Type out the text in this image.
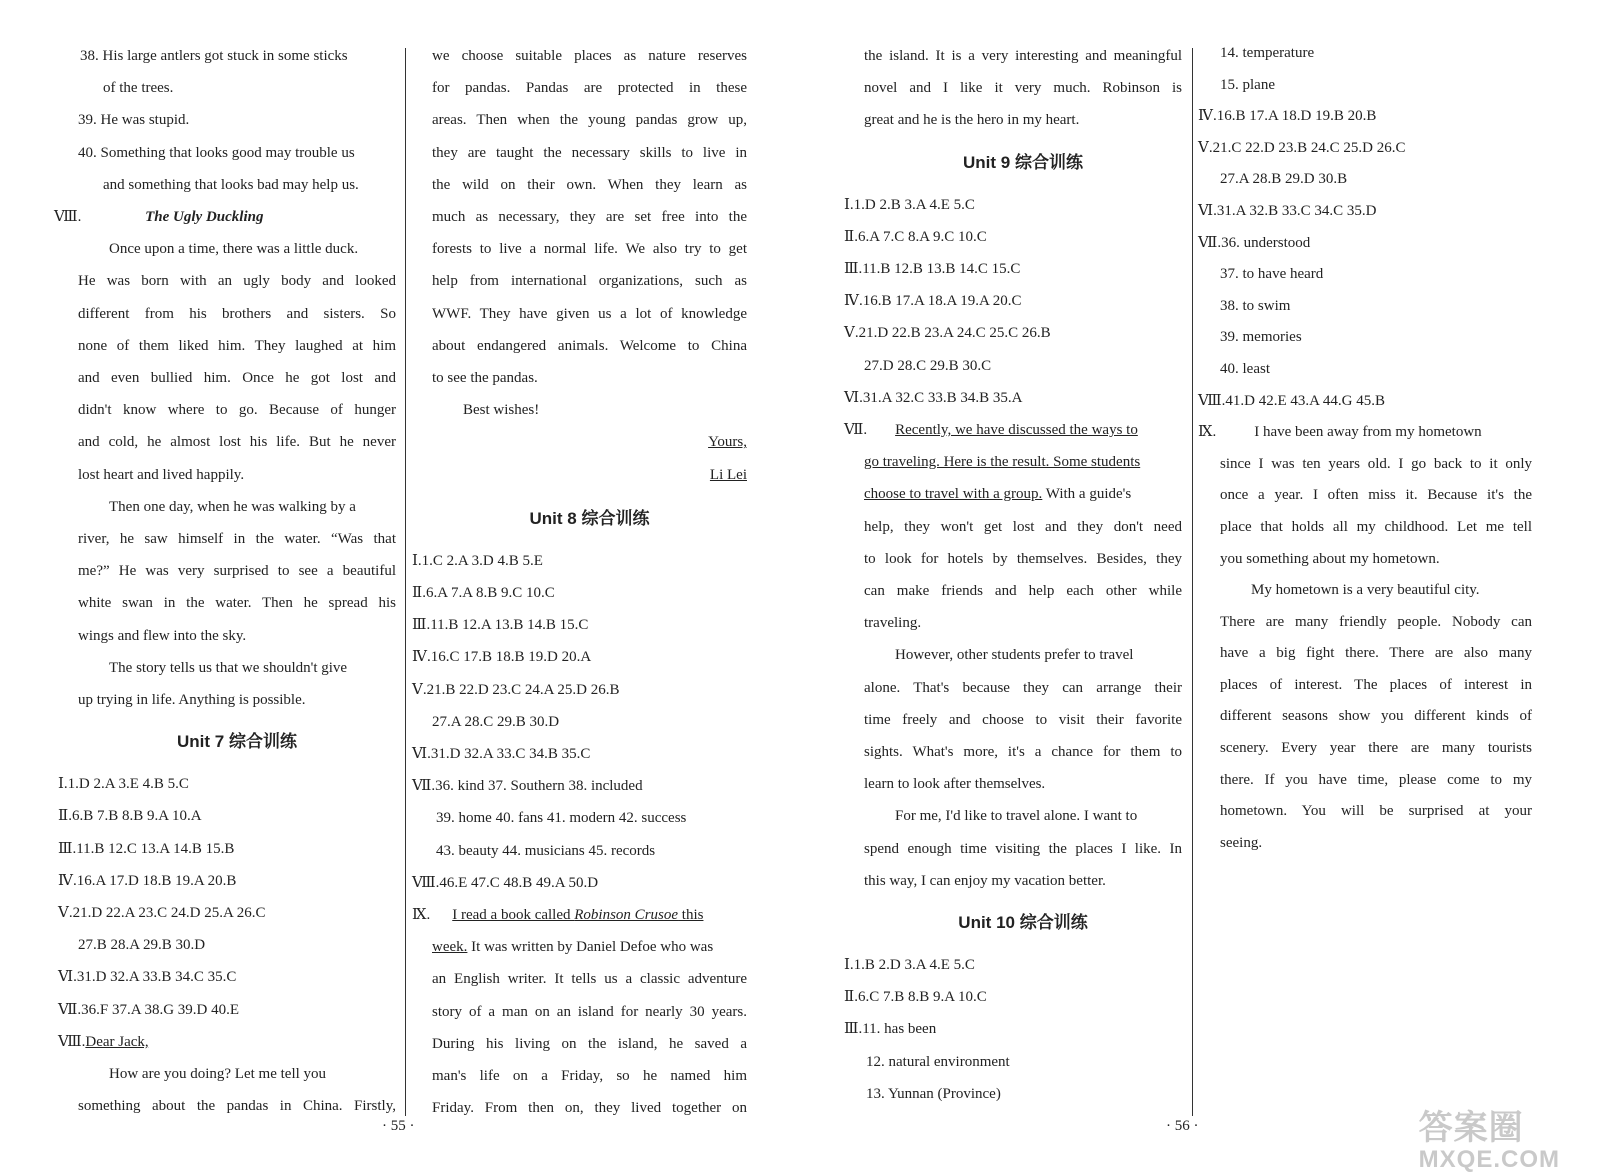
38. His large antlers got stuck in some sticks
of the trees.
39. He was stupid.
40. Something that looks good may trouble us
and something that looks bad may help us.
Ⅷ.	The Ugly Duckling
Once upon a time, there was a little duck.
He was born with an ugly body and looked
different from his brothers and sisters. So
none of them liked him. They laughed at him
and even bullied him. Once he got lost and
didn't know where to go. Because of hunger
and cold, he almost lost his life. But he never
lost heart and lived happily.
Then one day, when he was walking by a
river, he saw himself in the water. “Was that
me?” He was very surprised to see a beautiful
white swan in the water. Then he spread his
wings and flew into the sky.
The story tells us that we shouldn't give
up trying in life. Anything is possible.
Unit 7 综合训练
Ⅰ.1.D 2.A 3.E 4.B 5.C
Ⅱ.6.B 7.B 8.B 9.A 10.A
Ⅲ.11.B 12.C 13.A 14.B 15.B
Ⅳ.16.A 17.D 18.B 19.A 20.B
Ⅴ.21.D 22.A 23.C 24.D 25.A 26.C
27.B 28.A 29.B 30.D
Ⅵ.31.D 32.A 33.B 34.C 35.C
Ⅶ.36.F 37.A 38.G 39.D 40.E
Ⅷ.Dear Jack,
How are you doing? Let me tell you
something about the pandas in China. Firstly,
we choose suitable places as nature reserves
for pandas. Pandas are protected in these
areas. Then when the young pandas grow up,
they are taught the necessary skills to live in
the wild on their own. When they learn as
much as necessary, they are set free into the
forests to live a normal life. We also try to get
help from international organizations, such as
WWF. They have given us a lot of knowledge
about endangered animals. Welcome to China
to see the pandas.
Best wishes!
Yours,
Li Lei
Unit 8 综合训练
Ⅰ.1.C 2.A 3.D 4.B 5.E
Ⅱ.6.A 7.A 8.B 9.C 10.C
Ⅲ.11.B 12.A 13.B 14.B 15.C
Ⅳ.16.C 17.B 18.B 19.D 20.A
Ⅴ.21.B 22.D 23.C 24.A 25.D 26.B
27.A 28.C 29.B 30.D
Ⅵ.31.D 32.A 33.C 34.B 35.C
Ⅶ.36. kind 37. Southern 38. included
39. home 40. fans 41. modern 42. success
43. beauty 44. musicians 45. records
Ⅷ.46.E 47.C 48.B 49.A 50.D
Ⅸ. I read a book called Robinson Crusoe this
week. It was written by Daniel Defoe who was
an English writer. It tells us a classic adventure
story of a man on an island for nearly 30 years.
During his living on the island, he saved a
man's life on a Friday, so he named him
Friday. From then on, they lived together on
· 55 ·
the island. It is a very interesting and meaningful
novel and I like it very much. Robinson is
great and he is the hero in my heart.
Unit 9 综合训练
Ⅰ.1.D 2.B 3.A 4.E 5.C
Ⅱ.6.A 7.C 8.A 9.C 10.C
Ⅲ.11.B 12.B 13.B 14.C 15.C
Ⅳ.16.B 17.A 18.A 19.A 20.C
Ⅴ.21.D 22.B 23.A 24.C 25.C 26.B
27.D 28.C 29.B 30.C
Ⅵ.31.A 32.C 33.B 34.B 35.A
Ⅶ. Recently, we have discussed the ways to
go traveling. Here is the result. Some students
choose to travel with a group. With a guide's
help, they won't get lost and they don't need
to look for hotels by themselves. Besides, they
can make friends and help each other while
traveling.
However, other students prefer to travel
alone. That's because they can arrange their
time freely and choose to visit their favorite
sights. What's more, it's a chance for them to
learn to look after themselves.
For me, I'd like to travel alone. I want to
spend enough time visiting the places I like. In
this way, I can enjoy my vacation better.
Unit 10 综合训练
Ⅰ.1.B 2.D 3.A 4.E 5.C
Ⅱ.6.C 7.B 8.B 9.A 10.C
Ⅲ.11. has been
12. natural environment
13. Yunnan (Province)
14. temperature
15. plane
Ⅳ.16.B 17.A 18.D 19.B 20.B
Ⅴ.21.C 22.D 23.B 24.C 25.D 26.C
27.A 28.B 29.D 30.B
Ⅵ.31.A 32.B 33.C 34.C 35.D
Ⅶ.36. understood
37. to have heard
38. to swim
39. memories
40. least
Ⅷ.41.D 42.E 43.A 44.G 45.B
Ⅸ.	I have been away from my hometown
since I was ten years old. I go back to it only
once a year. I often miss it. Because it's the
place that holds all my childhood. Let me tell
you something about my hometown.
My hometown is a very beautiful city.
There are many friendly people. Nobody can
have a big fight there. There are also many
places of interest. The places of interest in
different seasons show you different kinds of
scenery. Every year there are many tourists
there. If you have time, please come to my
hometown. You will be surprised at your
seeing.
· 56 ·	答案圈
MXQE.COM
